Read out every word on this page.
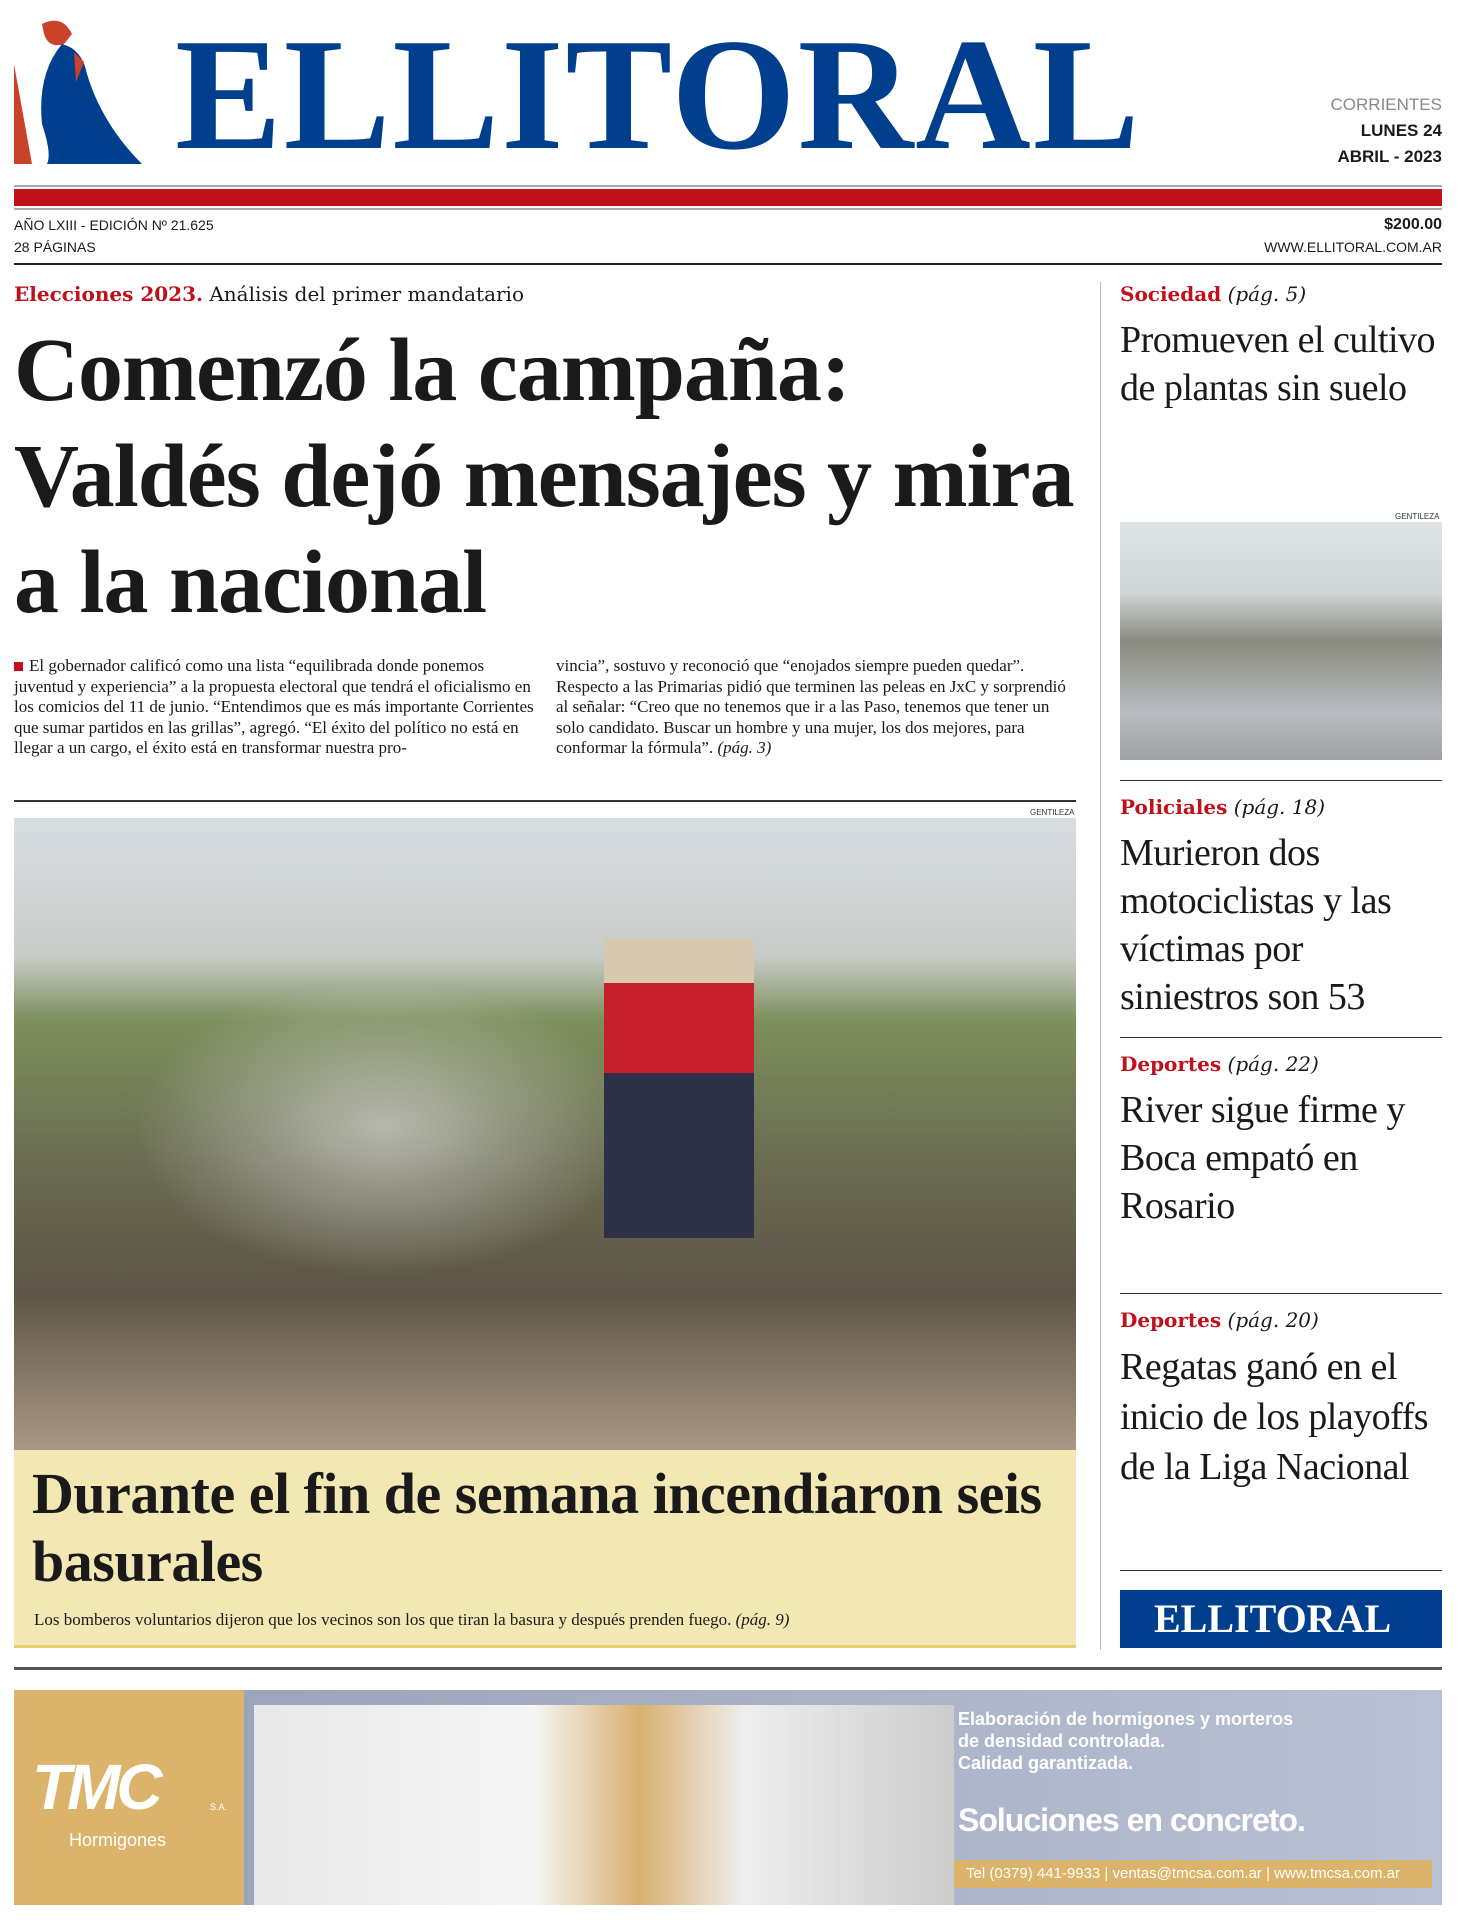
ELLITORAL	CORRIENTES
LUNES 24
ABRIL - 2023
AÑO LXIII - EDICIÓN Nº 21.625
28 PÁGINAS
$200.00
WWW.ELLITORAL.COM.AR
Elecciones 2023. Análisis del primer mandatario
Comenzó la campaña: Valdés dejó mensajes y mira a la nacional
El gobernador calificó como una lista “equilibrada donde ponemos juventud y experiencia” a la propuesta electoral que tendrá el oficialismo en los comicios del 11 de junio. “Entendimos que es más importante Corrientes que sumar partidos en las grillas”, agregó. “El éxito del político no está en llegar a un cargo, el éxito está en transformar nuestra pro-
vincia”, sostuvo y reconoció que “enojados siempre pueden quedar”. Respecto a las Primarias pidió que terminen las peleas en JxC y sorprendió al señalar: “Creo que no tenemos que ir a las Paso, tenemos que tener un solo candidato. Buscar un hombre y una mujer, los dos mejores, para conformar la fórmula”. (pág. 3)
GENTILEZA
Durante el fin de semana incendiaron seis basurales
Los bomberos voluntarios dijeron que los vecinos son los que tiran la basura y después prenden fuego. (pág. 9)
Sociedad (pág. 5)
Promueven el cultivo de plantas sin suelo
GENTILEZA
Policiales (pág. 18)
Murieron dos motociclistas y las víctimas por siniestros son 53
Deportes (pág. 22)
River sigue firme y Boca empató en Rosario
Deportes (pág. 20)
Regatas ganó en el inicio de los playoffs de la Liga Nacional
ELLITORAL
TMC	S.A.
Hormigones
Elaboración de hormigones y morteros
de densidad controlada.
Calidad garantizada.
Soluciones en concreto.
Tel (0379) 441-9933 | ventas@tmcsa.com.ar | www.tmcsa.com.ar
